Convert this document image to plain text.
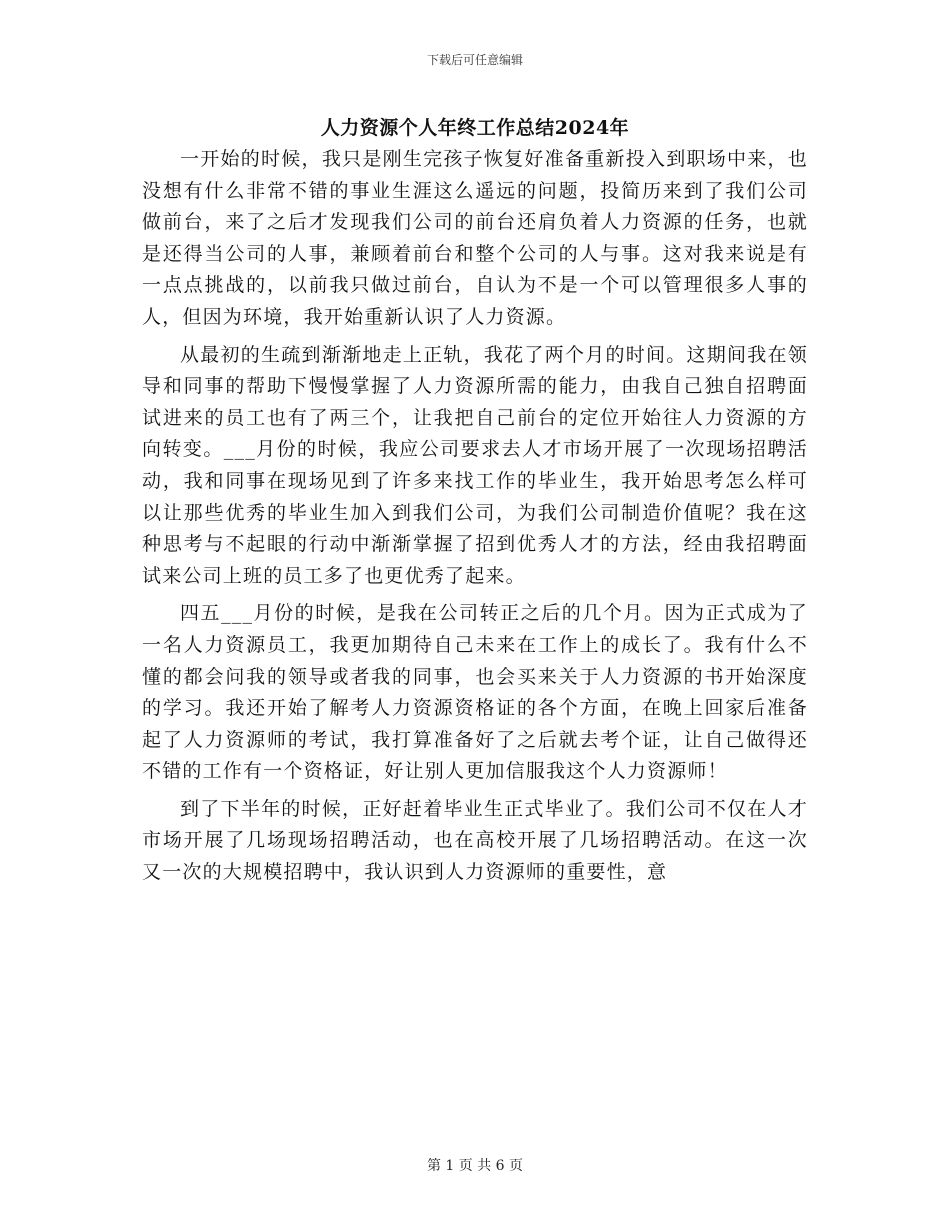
下载后可任意编辑
人力资源个人年终工作总结2024年

一开始的时候，我只是刚生完孩子恢复好准备重新投入到职场中来，也没想有什么非常不错的事业生涯这么遥远的问题，投简历来到了我们公司做前台，来了之后才发现我们公司的前台还肩负着人力资源的任务，也就是还得当公司的人事，兼顾着前台和整个公司的人与事。这对我来说是有一点点挑战的，以前我只做过前台，自认为不是一个可以管理很多人事的人，但因为环境，我开始重新认识了人力资源。

从最初的生疏到渐渐地走上正轨，我花了两个月的时间。这期间我在领导和同事的帮助下慢慢掌握了人力资源所需的能力，由我自己独自招聘面试进来的员工也有了两三个，让我把自己前台的定位开始往人力资源的方向转变。___月份的时候，我应公司要求去人才市场开展了一次现场招聘活动，我和同事在现场见到了许多来找工作的毕业生，我开始思考怎么样可以让那些优秀的毕业生加入到我们公司，为我们公司制造价值呢？我在这种思考与不起眼的行动中渐渐掌握了招到优秀人才的方法，经由我招聘面试来公司上班的员工多了也更优秀了起来。

四五___月份的时候，是我在公司转正之后的几个月。因为正式成为了一名人力资源员工，我更加期待自己未来在工作上的成长了。我有什么不懂的都会问我的领导或者我的同事，也会买来关于人力资源的书开始深度的学习。我还开始了解考人力资源资格证的各个方面，在晚上回家后准备起了人力资源师的考试，我打算准备好了之后就去考个证，让自己做得还不错的工作有一个资格证，好让别人更加信服我这个人力资源师！

到了下半年的时候，正好赶着毕业生正式毕业了。我们公司不仅在人才市场开展了几场现场招聘活动，也在高校开展了几场招聘活动。在这一次又一次的大规模招聘中，我认识到人力资源师的重要性，意

第 1 页 共 6 页
